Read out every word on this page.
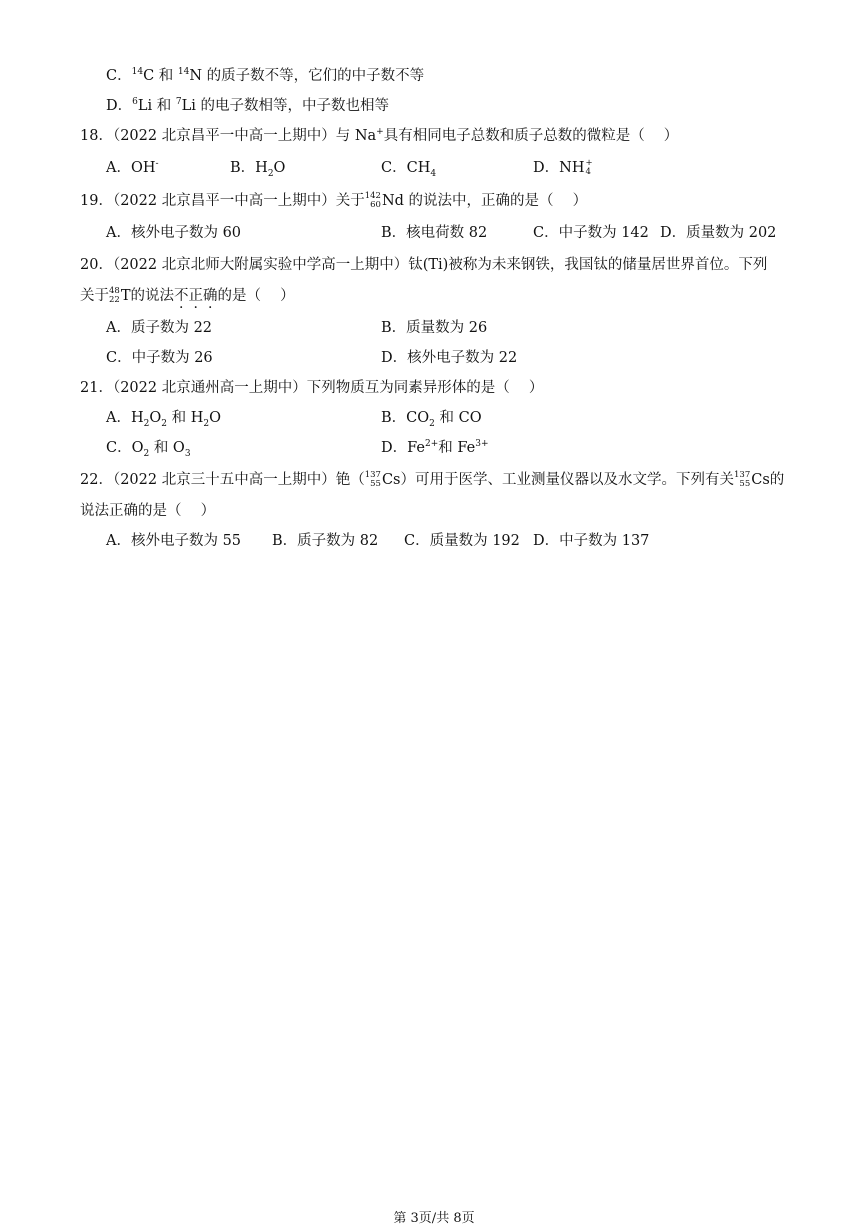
C．$^{14}$C 和 $^{14}$N 的质子数不等，它们的中子数不等
D．$^6$Li 和 $^7$Li 的电子数相等，中子数也相等
18．（2022 北京昌平一中高一上期中）与 Na+具有相同电子总数和质子总数的微粒是（　 ）
A．OH-	B．$H_2O$	C．$CH_4$	D．NH +
4
19．（2022 北京昌平一中高一上期中）关于 142
60 Nd 的说法中，正确的是（　 ）
A．核外电子数为 60	B．核电荷数 82	C．中子数为 142 D．质量数为 202
20．（2022 北京北师大附属实验中学高一上期中）钛(Ti)被称为未来钢铁，我国钛的储量居世界首位。下列
关于 48
22 T的说法不正确的是（　 ）
A．质子数为 22	B．质量数为 26
C．中子数为 26	D．核外电子数为 22
21．（2022 北京通州高一上期中）下列物质互为同素异形体的是（　 ）
A．$H_2O_2$ 和 $H_2O$	B．$CO_2$ 和 CO
C．$O_2$ 和 $O_3$	D．$Fe^{2+}$和 $Fe^{3+}$
22．（2022 北京三十五中高一上期中）铯（ 137
55 Cs）可用于医学、工业测量仪器以及水文学。下列有关 137
55 Cs的
说法正确的是（　 ）
A．核外电子数为 55 B．质子数为 82 C．质量数为 192 D．中子数为 137
第 3页/共 8页
